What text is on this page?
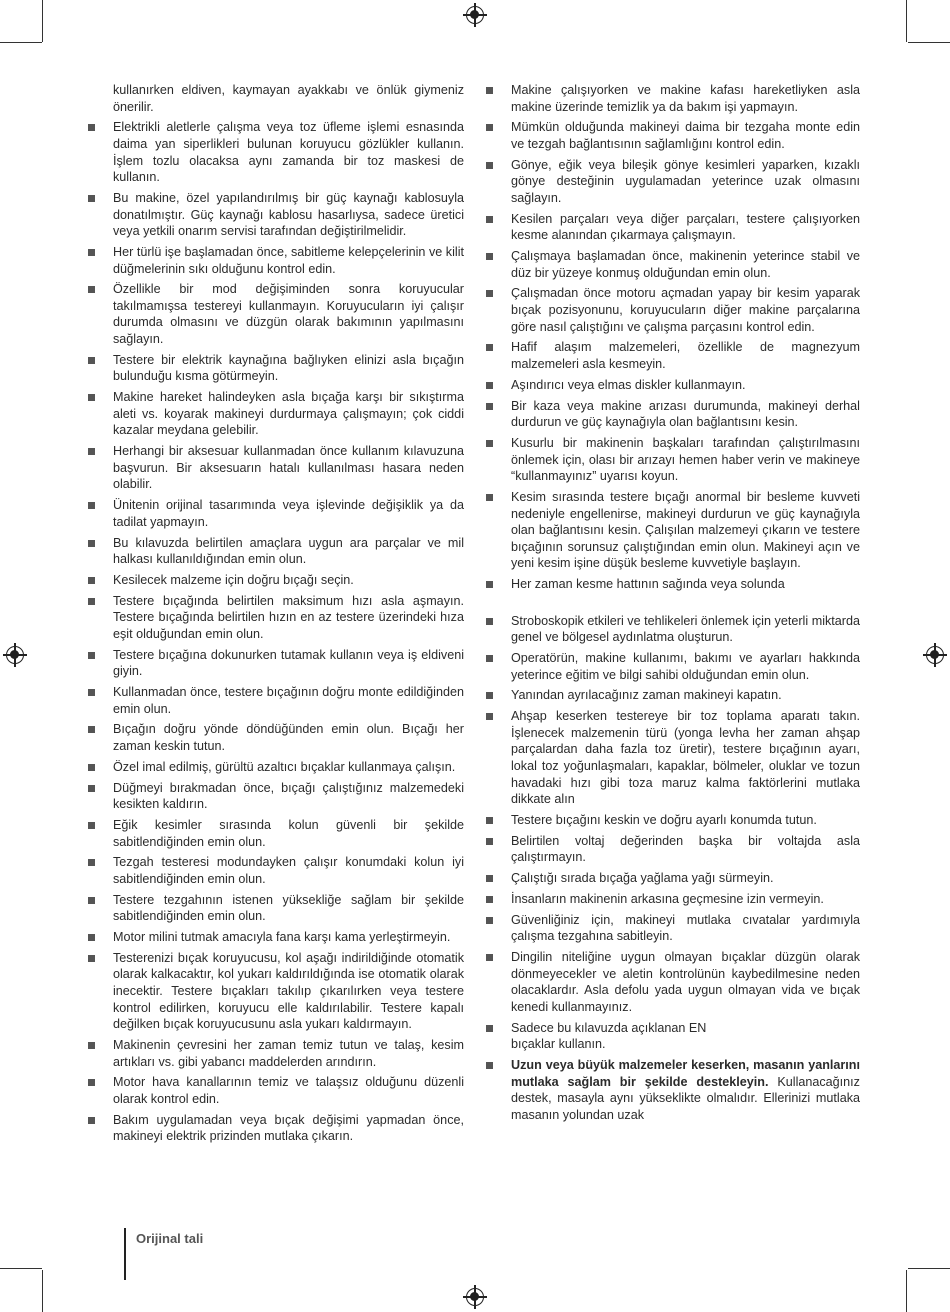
kullanırken eldiven, kaymayan ayakkabı ve önlük giymeniz önerilir.
Elektrikli aletlerle çalışma veya toz üfleme işlemi esnasında daima yan siperlikleri bulunan koruyucu gözlükler kullanın. İşlem tozlu olacaksa aynı zamanda bir toz maskesi de kullanın.
Bu makine, özel yapılandırılmış bir güç kaynağı kablosuyla donatılmıştır. Güç kaynağı kablosu hasarlıysa, sadece üretici veya yetkili onarım servisi tarafından değiştirilmelidir.
Her türlü işe başlamadan önce, sabitleme kelepçelerinin ve kilit düğmelerinin sıkı olduğunu kontrol edin.
Özellikle bir mod değişiminden sonra koruyucular takılmamışsa testereyi kullanmayın. Koruyucuların iyi çalışır durumda olmasını ve düzgün olarak bakımının yapılmasını sağlayın.
Testere bir elektrik kaynağına bağlıyken elinizi asla bıçağın bulunduğu kısma götürmeyin.
Makine hareket halindeyken asla bıçağa karşı bir sıkıştırma aleti vs. koyarak makineyi durdurmaya çalışmayın; çok ciddi kazalar meydana gelebilir.
Herhangi bir aksesuar kullanmadan önce kullanım kılavuzuna başvurun. Bir aksesuarın hatalı kullanılması hasara neden olabilir.
Ünitenin orijinal tasarımında veya işlevinde değişiklik ya da tadilat yapmayın.
Bu kılavuzda belirtilen amaçlara uygun ara parçalar ve mil halkası kullanıldığından emin olun.
Kesilecek malzeme için doğru bıçağı seçin.
Testere bıçağında belirtilen maksimum hızı asla aşmayın. Testere bıçağında belirtilen hızın en az testere üzerindeki hıza eşit olduğundan emin olun.
Testere bıçağına dokunurken tutamak kullanın veya iş eldiveni giyin.
Kullanmadan önce, testere bıçağının doğru monte edildiğinden emin olun.
Bıçağın doğru yönde döndüğünden emin olun. Bıçağı her zaman keskin tutun.
Özel imal edilmiş, gürültü azaltıcı bıçaklar kullanmaya çalışın.
Düğmeyi bırakmadan önce, bıçağı çalıştığınız malzemedeki kesikten kaldırın.
Eğik kesimler sırasında kolun güvenli bir şekilde sabitlendiğinden emin olun.
Tezgah testeresi modundayken çalışır konumdaki kolun iyi sabitlendiğinden emin olun.
Testere tezgahının istenen yüksekliğe sağlam bir şekilde sabitlendiğinden emin olun.
Motor milini tutmak amacıyla fana karşı kama yerleştirmeyin.
Testerenizi bıçak koruyucusu, kol aşağı indirildiğinde otomatik olarak kalkacaktır, kol yukarı kaldırıldığında ise otomatik olarak inecektir. Testere bıçakları takılıp çıkarılırken veya testere kontrol edilirken, koruyucu elle kaldırılabilir. Testere kapalı değilken bıçak koruyucusunu asla yukarı kaldırmayın.
Makinenin çevresini her zaman temiz tutun ve talaş, kesim artıkları vs. gibi yabancı maddelerden arındırın.
Motor hava kanallarının temiz ve talaşsız olduğunu düzenli olarak kontrol edin.
Bakım uygulamadan veya bıçak değişimi yapmadan önce, makineyi elektrik prizinden mutlaka çıkarın.
Makine çalışıyorken ve makine kafası hareketliyken asla makine üzerinde temizlik ya da bakım işi yapmayın.
Mümkün olduğunda makineyi daima bir tezgaha monte edin ve tezgah bağlantısının sağlamlığını kontrol edin.
Gönye, eğik veya bileşik gönye kesimleri yaparken, kızaklı gönye desteğinin uygulamadan yeterince uzak olmasını sağlayın.
Kesilen parçaları veya diğer parçaları, testere çalışıyorken kesme alanından çıkarmaya çalışmayın.
Çalışmaya başlamadan önce, makinenin yeterince stabil ve düz bir yüzeye konmuş olduğundan emin olun.
Çalışmadan önce motoru açmadan yapay bir kesim yaparak bıçak pozisyonunu, koruyucuların diğer makine parçalarına göre nasıl çalıştığını ve çalışma parçasını kontrol edin.
Hafif alaşım malzemeleri, özellikle de magnezyum malzemeleri asla kesmeyin.
Aşındırıcı veya elmas diskler kullanmayın.
Bir kaza veya makine arızası durumunda, makineyi derhal durdurun ve güç kaynağıyla olan bağlantısını kesin.
Kusurlu bir makinenin başkaları tarafından çalıştırılmasını önlemek için, olası bir arızayı hemen haber verin ve makineye “kullanmayınız” uyarısı koyun.
Kesim sırasında testere bıçağı anormal bir besleme kuvveti nedeniyle engellenirse, makineyi durdurun ve güç kaynağıyla olan bağlantısını kesin. Çalışılan malzemeyi çıkarın ve testere bıçağının sorunsuz çalıştığından emin olun. Makineyi açın ve yeni kesim işine düşük besleme kuvvetiyle başlayın.
Her zaman kesme hattının sağında veya solunda
Stroboskopik etkileri ve tehlikeleri önlemek için yeterli miktarda genel ve bölgesel aydınlatma oluşturun.
Operatörün, makine kullanımı, bakımı ve ayarları hakkında yeterince eğitim ve bilgi sahibi olduğundan emin olun.
Yanından ayrılacağınız zaman makineyi kapatın.
Ahşap keserken testereye bir toz toplama aparatı takın. İşlenecek malzemenin türü (yonga levha her zaman ahşap parçalardan daha fazla toz üretir), testere bıçağının ayarı, lokal toz yoğunlaşmaları, kapaklar, bölmeler, oluklar ve tozun havadaki hızı gibi toza maruz kalma faktörlerini mutlaka dikkate alın
Testere bıçağını keskin ve doğru ayarlı konumda tutun.
Belirtilen voltaj değerinden başka bir voltajda asla çalıştırmayın.
Çalıştığı sırada bıçağa yağlama yağı sürmeyin.
İnsanların makinenin arkasına geçmesine izin vermeyin.
Güvenliğiniz için, makineyi mutlaka cıvatalar yardımıyla çalışma tezgahına sabitleyin.
Dingilin niteliğine uygun olmayan bıçaklar düzgün olarak dönmeyecekler ve aletin kontrolünün kaybedilmesine neden olacaklardır. Asla defolu yada uygun olmayan vida ve bıçak kenedi kullanmayınız.
Sadece bu kılavuzda açıklanan EN
bıçaklar kullanın.
Uzun veya büyük malzemeler keserken, masanın yanlarını mutlaka sağlam bir şekilde destekleyin. Kullanacağınız destek, masayla aynı yükseklikte olmalıdır. Ellerinizi mutlaka masanın yolundan uzak
Orijinal tali
